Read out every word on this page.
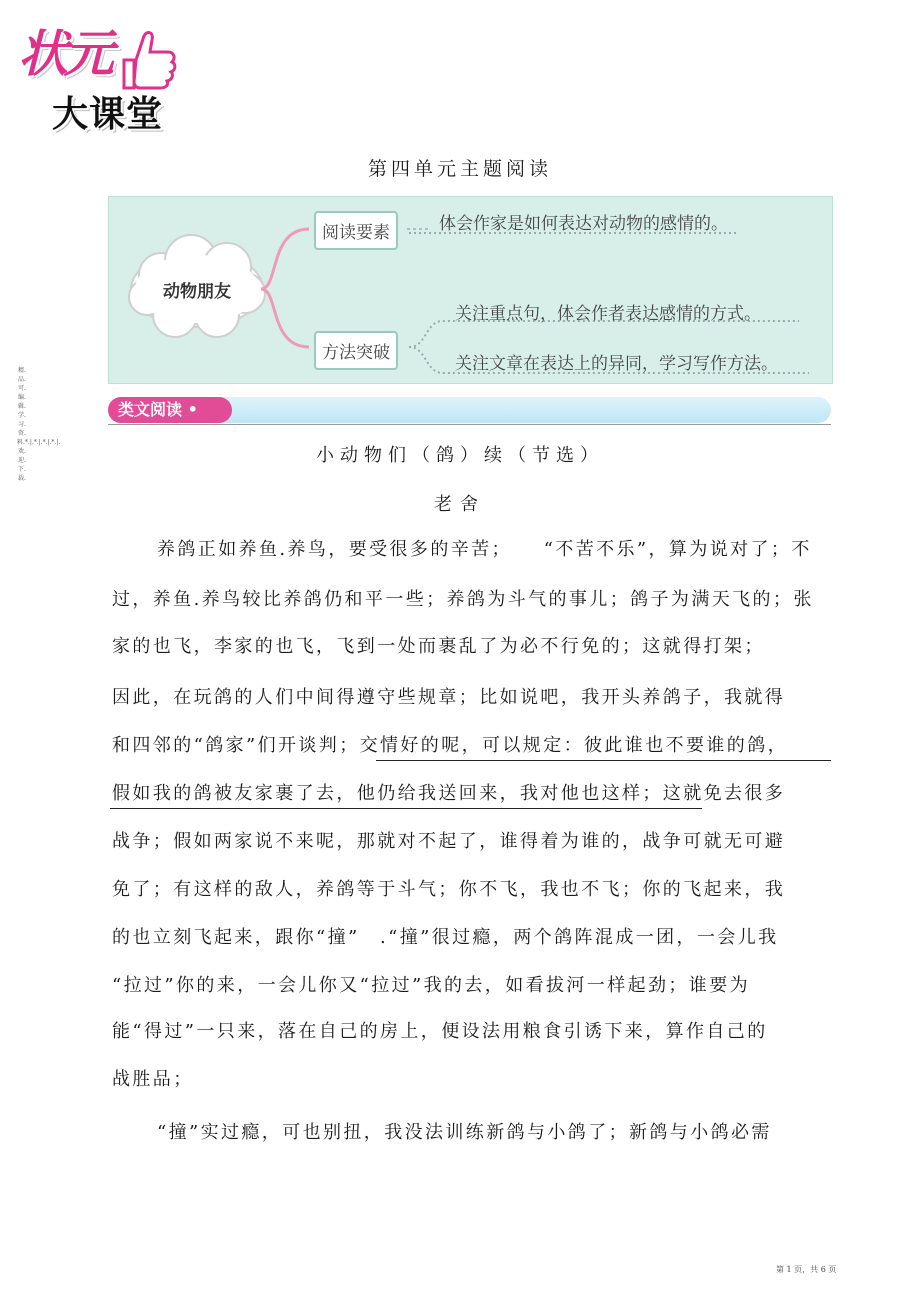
状元
大课堂
第四单元主题阅读
动物朋友
阅读要素
方法突破
体会作家是如何表达对动物的感情的。
关注重点句，体会作者表达感情的方式。
关注文章在表达上的异同，学习写作方法。
类文阅读 •
小动物们（鸽）续（节选）
老舍
养鸽正如养鱼.养鸟，要受很多的辛苦；　　“不苦不乐”，算为说对了；不
过，养鱼.养鸟较比养鸽仍和平一些；养鸽为斗气的事儿；鸽子为满天飞的；张
家的也飞，李家的也飞，飞到一处而裹乱了为必不行免的；这就得打架；
因此，在玩鸽的人们中间得遵守些规章；比如说吧，我开头养鸽子，我就得
和四邻的“鸽家”们开谈判；交情好的呢，可以规定：彼此谁也不要谁的鸽，
假如我的鸽被友家裹了去，他仍给我送回来，我对他也这样；这就免去很多
战争；假如两家说不来呢，那就对不起了，谁得着为谁的，战争可就无可避
免了；有这样的敌人，养鸽等于斗气；你不飞，我也不飞；你的飞起来，我
的也立刻飞起来，跟你“撞”　.“撞”很过瘾，两个鸽阵混成一团，一会儿我
“拉过”你的来，一会儿你又“拉过”我的去，如看拔河一样起劲；谁要为
能“得过”一只来，落在自己的房上，便设法用粮食引诱下来，算作自己的
战胜品；
“撞”实过瘾，可也别扭，我没法训练新鸽与小鸽了；新鸽与小鸽必需
精.品.可.编.辑.学.习.资.料.*.|.*.|.*.|.*.|.欢.迎.下.载.
第 1 页，共 6 页
